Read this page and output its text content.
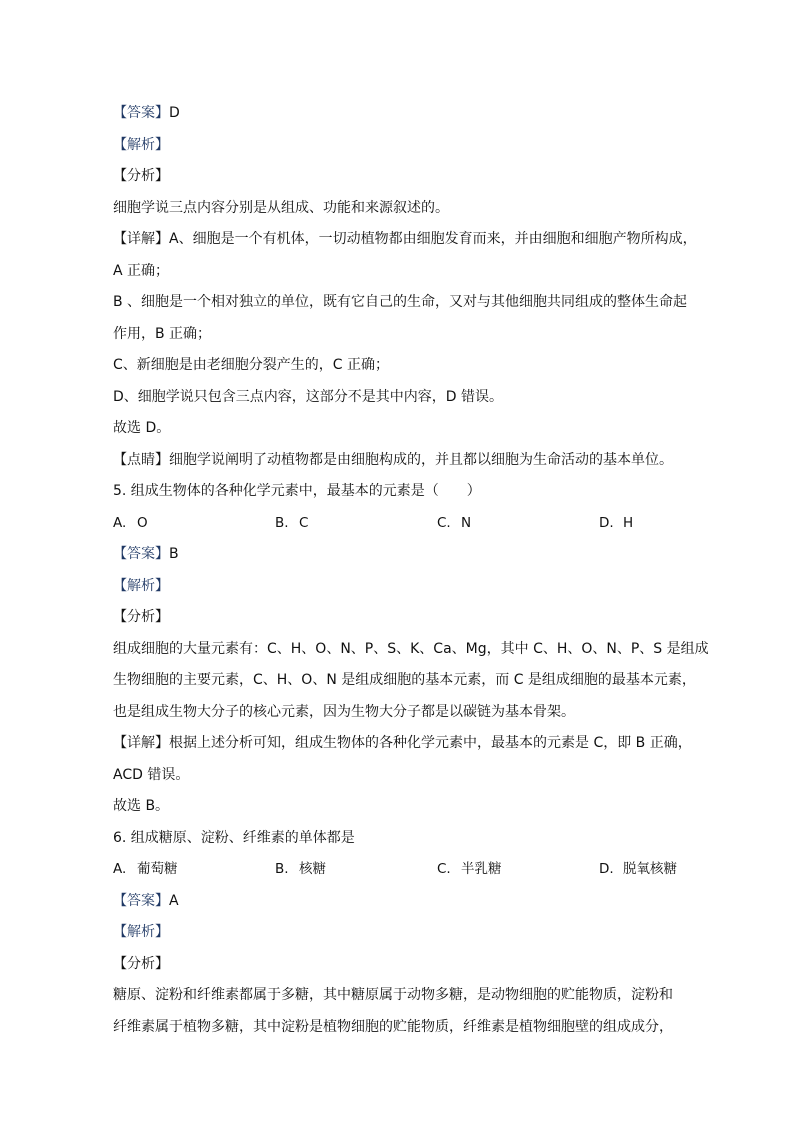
【答案】D
【解析】
【分析】
细胞学说三点内容分别是从组成、功能和来源叙述的。
【详解】A、细胞是一个有机体，一切动植物都由细胞发育而来，并由细胞和细胞产物所构成，
A 正确；
B 、细胞是一个相对独立的单位，既有它自己的生命，又对与其他细胞共同组成的整体生命起
作用，B 正确；
C、新细胞是由老细胞分裂产生的，C 正确；
D、细胞学说只包含三点内容，这部分不是其中内容，D 错误。
故选 D。
【点睛】细胞学说阐明了动植物都是由细胞构成的，并且都以细胞为生命活动的基本单位。
5. 组成生物体的各种化学元素中，最基本的元素是（　　）
A. O	B. C	C. N	D. H
【答案】B
【解析】
【分析】
组成细胞的大量元素有：C、H、O、N、P、S、K、Ca、Mg，其中 C、H、O、N、P、S 是组成
生物细胞的主要元素，C、H、O、N 是组成细胞的基本元素，而 C 是组成细胞的最基本元素，
也是组成生物大分子的核心元素，因为生物大分子都是以碳链为基本骨架。
【详解】根据上述分析可知，组成生物体的各种化学元素中，最基本的元素是 C，即 B 正确，
ACD 错误。
故选 B。
6. 组成糖原、淀粉、纤维素的单体都是
A. 葡萄糖	B. 核糖	C. 半乳糖	D. 脱氧核糖
【答案】A
【解析】
【分析】
糖原、淀粉和纤维素都属于多糖，其中糖原属于动物多糖，是动物细胞的贮能物质，淀粉和
纤维素属于植物多糖，其中淀粉是植物细胞的贮能物质，纤维素是植物细胞壁的组成成分，
